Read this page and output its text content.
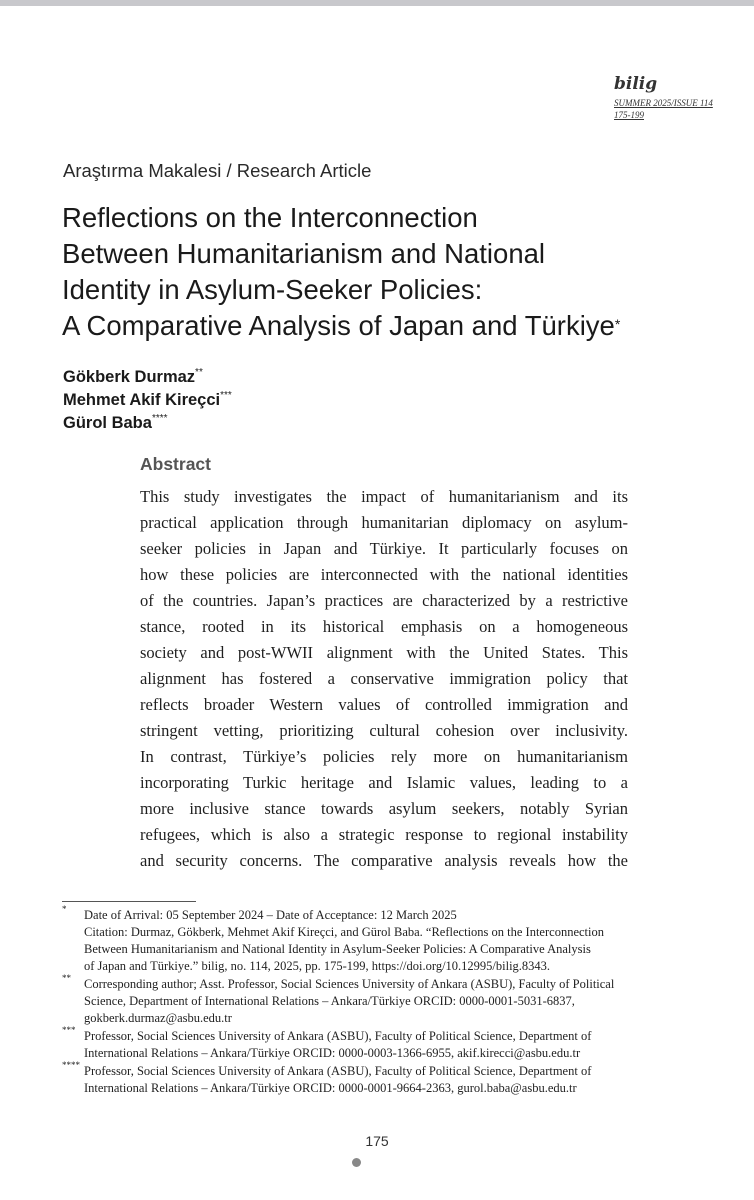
bilig
SUMMER 2025/ISSUE 114
175-199
Araştırma Makalesi / Research Article
Reflections on the Interconnection
Between Humanitarianism and National
Identity in Asylum-Seeker Policies:
A Comparative Analysis of Japan and Türkiye*
Gökberk Durmaz**
Mehmet Akif Kireçci***
Gürol Baba****
Abstract
This study investigates the impact of humanitarianism and its
practical application through humanitarian diplomacy on asylum-
seeker policies in Japan and Türkiye. It particularly focuses on
how these policies are interconnected with the national identities
of the countries. Japan’s practices are characterized by a restrictive
stance, rooted in its historical emphasis on a homogeneous
society and post-WWII alignment with the United States. This
alignment has fostered a conservative immigration policy that
reflects broader Western values of controlled immigration and
stringent vetting, prioritizing cultural cohesion over inclusivity.
In contrast, Türkiye’s policies rely more on humanitarianism
incorporating Turkic heritage and Islamic values, leading to a
more inclusive stance towards asylum seekers, notably Syrian
refugees, which is also a strategic response to regional instability
and security concerns. The comparative analysis reveals how the
* Date of Arrival: 05 September 2024 – Date of Acceptance: 12 March 2025
Citation: Durmaz, Gökberk, Mehmet Akif Kireçci, and Gürol Baba. “Reflections on the Interconnection
Between Humanitarianism and National Identity in Asylum-Seeker Policies: A Comparative Analysis
of Japan and Türkiye.” bilig, no. 114, 2025, pp. 175-199, https://doi.org/10.12995/bilig.8343.
** Corresponding author; Asst. Professor, Social Sciences University of Ankara (ASBU), Faculty of Political
Science, Department of International Relations – Ankara/Türkiye ORCID: 0000-0001-5031-6837,
gokberk.durmaz@asbu.edu.tr
*** Professor, Social Sciences University of Ankara (ASBU), Faculty of Political Science, Department of
International Relations – Ankara/Türkiye ORCID: 0000-0003-1366-6955, akif.kirecci@asbu.edu.tr
**** Professor, Social Sciences University of Ankara (ASBU), Faculty of Political Science, Department of
International Relations – Ankara/Türkiye ORCID: 0000-0001-9664-2363, gurol.baba@asbu.edu.tr
175
